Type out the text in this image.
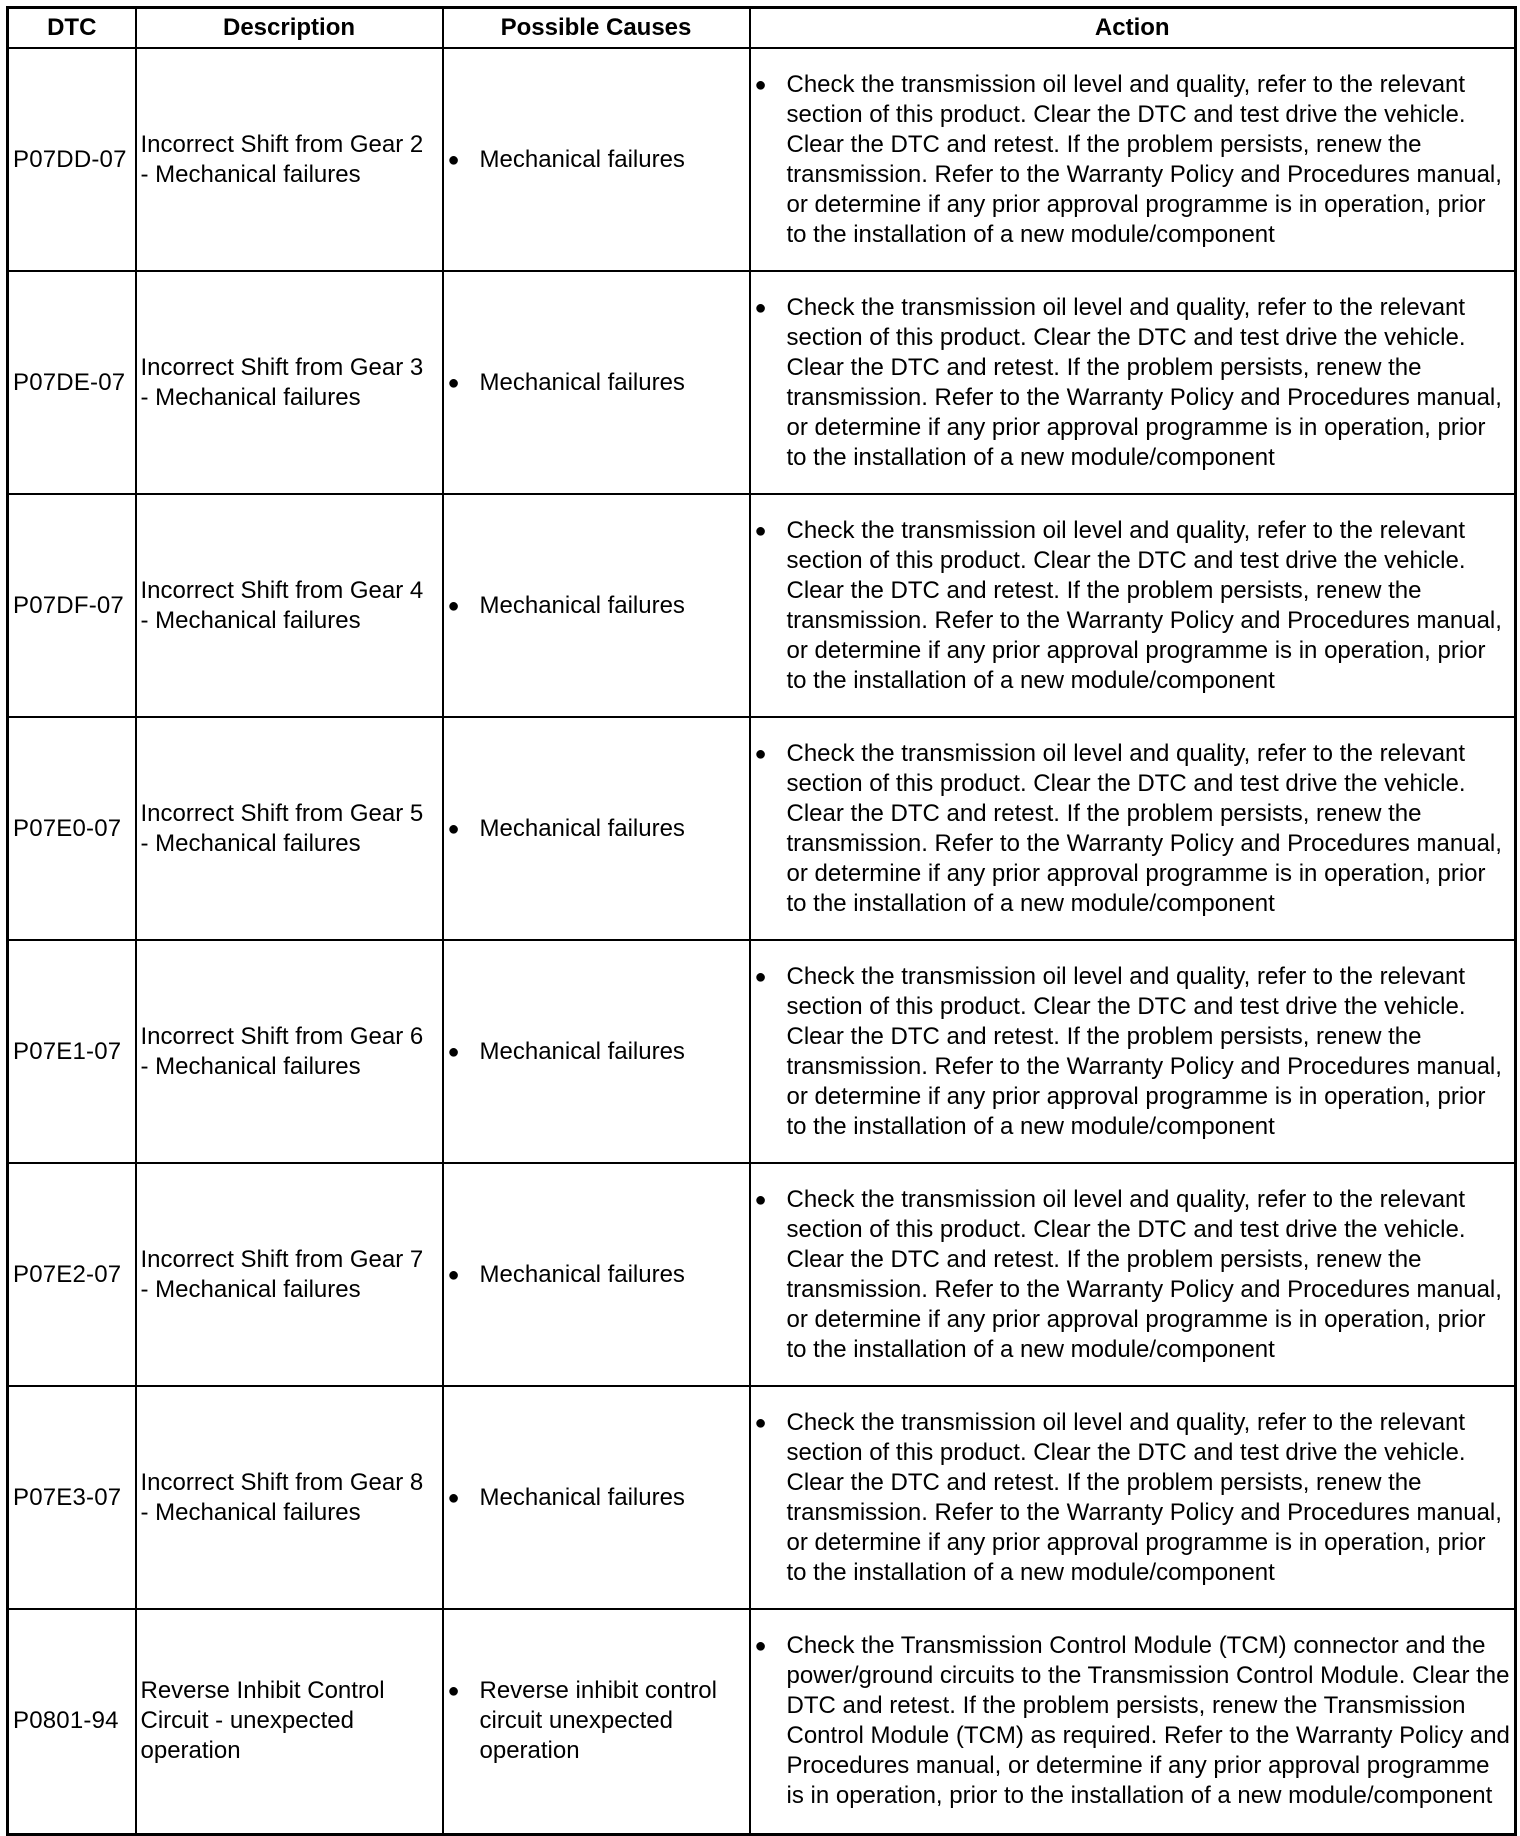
DTC	Description	Possible Causes	Action
P07DD-07	Incorrect Shift from Gear 2 - Mechanical failures	● Mechanical failures	● Check the transmission oil level and quality, refer to the relevant section of this product. Clear the DTC and test drive the vehicle. Clear the DTC and retest. If the problem persists, renew the transmission. Refer to the Warranty Policy and Procedures manual, or determine if any prior approval programme is in operation, prior to the installation of a new module/component

P07DE-07	Incorrect Shift from Gear 3 - Mechanical failures	● Mechanical failures	● Check the transmission oil level and quality, refer to the relevant section of this product. Clear the DTC and test drive the vehicle. Clear the DTC and retest. If the problem persists, renew the transmission. Refer to the Warranty Policy and Procedures manual, or determine if any prior approval programme is in operation, prior to the installation of a new module/component

P07DF-07	Incorrect Shift from Gear 4 - Mechanical failures	● Mechanical failures	● Check the transmission oil level and quality, refer to the relevant section of this product. Clear the DTC and test drive the vehicle. Clear the DTC and retest. If the problem persists, renew the transmission. Refer to the Warranty Policy and Procedures manual, or determine if any prior approval programme is in operation, prior to the installation of a new module/component

P07E0-07	Incorrect Shift from Gear 5 - Mechanical failures	● Mechanical failures	● Check the transmission oil level and quality, refer to the relevant section of this product. Clear the DTC and test drive the vehicle. Clear the DTC and retest. If the problem persists, renew the transmission. Refer to the Warranty Policy and Procedures manual, or determine if any prior approval programme is in operation, prior to the installation of a new module/component

P07E1-07	Incorrect Shift from Gear 6 - Mechanical failures	● Mechanical failures	● Check the transmission oil level and quality, refer to the relevant section of this product. Clear the DTC and test drive the vehicle. Clear the DTC and retest. If the problem persists, renew the transmission. Refer to the Warranty Policy and Procedures manual, or determine if any prior approval programme is in operation, prior to the installation of a new module/component

P07E2-07	Incorrect Shift from Gear 7 - Mechanical failures	● Mechanical failures	● Check the transmission oil level and quality, refer to the relevant section of this product. Clear the DTC and test drive the vehicle. Clear the DTC and retest. If the problem persists, renew the transmission. Refer to the Warranty Policy and Procedures manual, or determine if any prior approval programme is in operation, prior to the installation of a new module/component

P07E3-07	Incorrect Shift from Gear 8 - Mechanical failures	● Mechanical failures	● Check the transmission oil level and quality, refer to the relevant section of this product. Clear the DTC and test drive the vehicle. Clear the DTC and retest. If the problem persists, renew the transmission. Refer to the Warranty Policy and Procedures manual, or determine if any prior approval programme is in operation, prior to the installation of a new module/component

P0801-94	Reverse Inhibit Control Circuit - unexpected operation	● Reverse inhibit control circuit unexpected operation	● Check the Transmission Control Module (TCM) connector and the power/ground circuits to the Transmission Control Module. Clear the DTC and retest. If the problem persists, renew the Transmission Control Module (TCM) as required. Refer to the Warranty Policy and Procedures manual, or determine if any prior approval programme is in operation, prior to the installation of a new module/component
